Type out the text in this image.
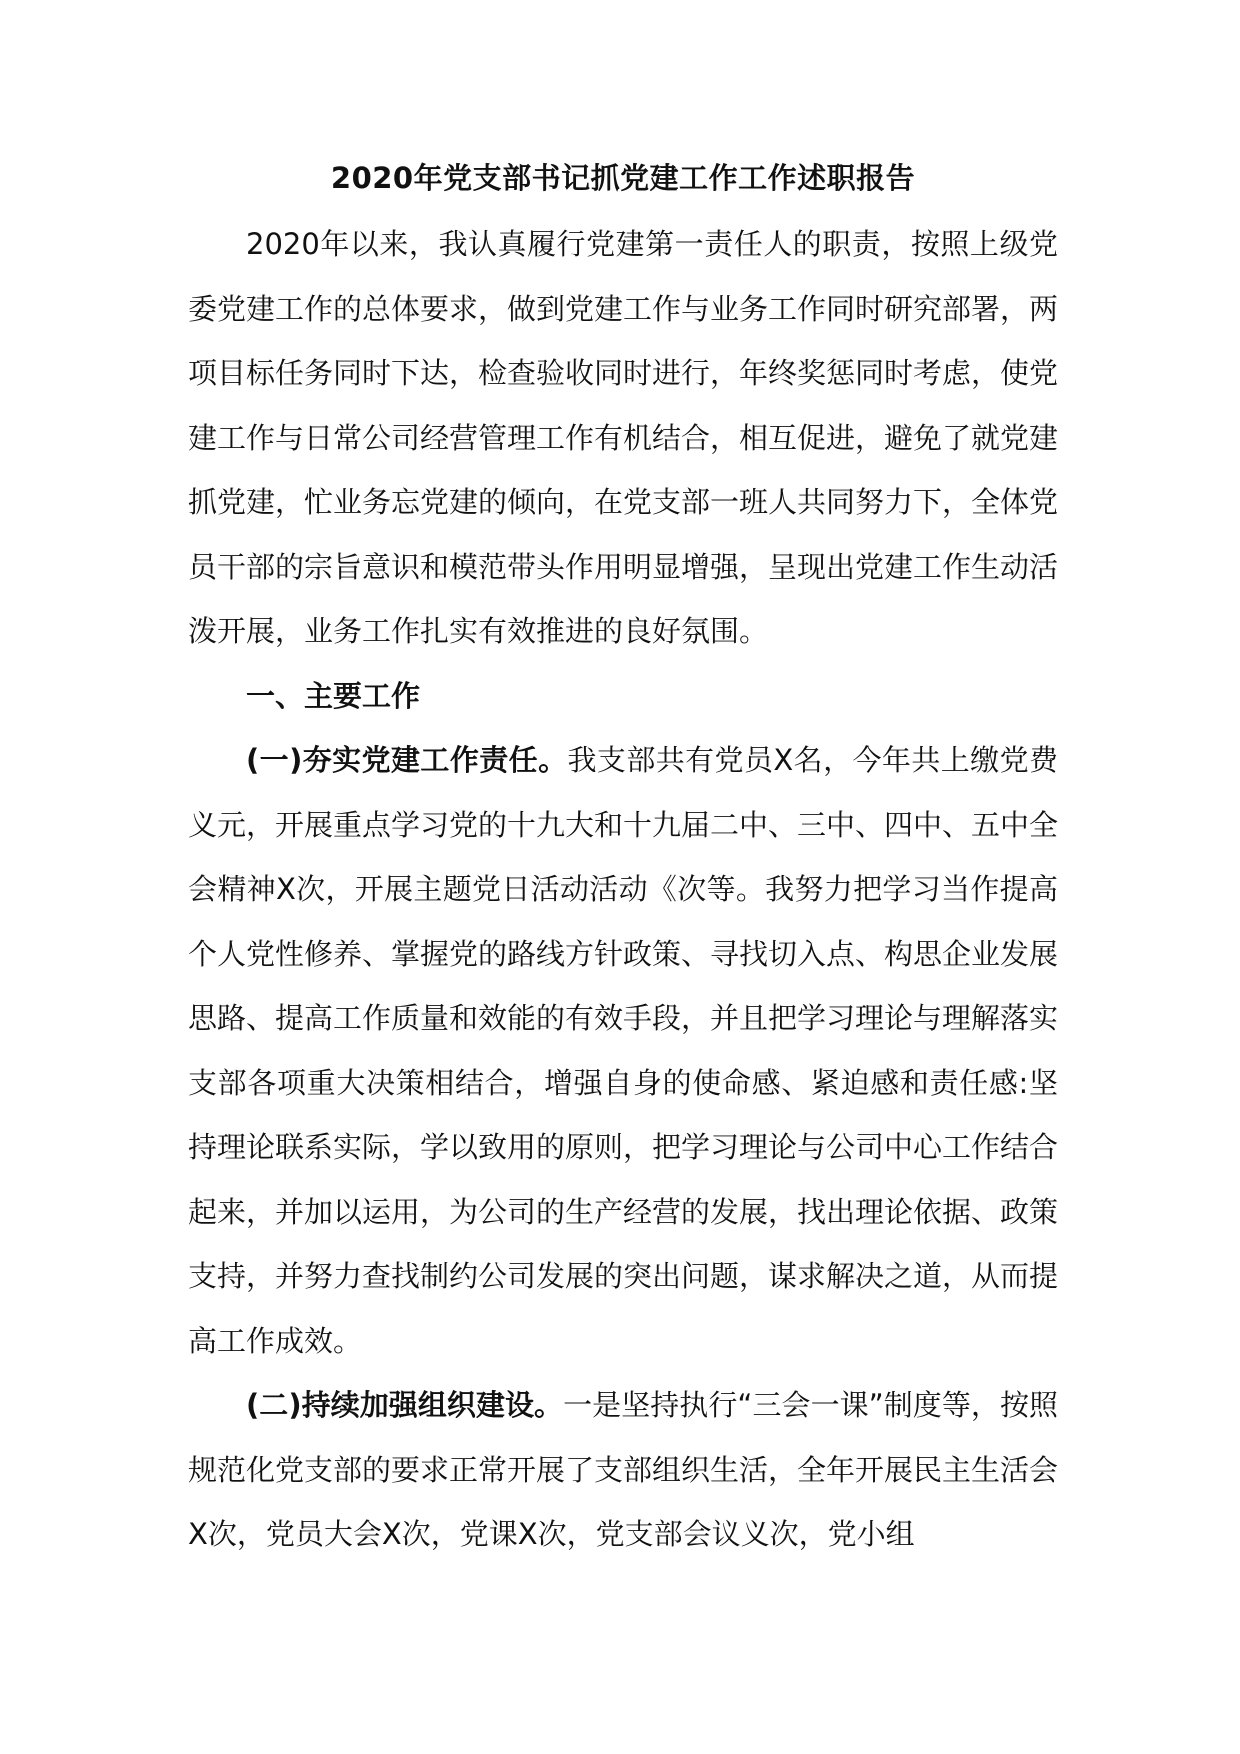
2020年党支部书记抓党建工作工作述职报告

2020年以来，我认真履行党建第一责任人的职责，按照上级党委党建工作的总体要求，做到党建工作与业务工作同时研究部署，两项目标任务同时下达，检查验收同时进行，年终奖惩同时考虑，使党建工作与日常公司经营管理工作有机结合，相互促进，避免了就党建抓党建，忙业务忘党建的倾向，在党支部一班人共同努力下，全体党员干部的宗旨意识和模范带头作用明显增强，呈现出党建工作生动活泼开展，业务工作扎实有效推进的良好氛围。

一、主要工作

(一)夯实党建工作责任。我支部共有党员X名，今年共上缴党费义元，开展重点学习党的十九大和十九届二中、三中、四中、五中全会精神X次，开展主题党日活动活动《次等。我努力把学习当作提高个人党性修养、掌握党的路线方针政策、寻找切入点、构思企业发展思路、提高工作质量和效能的有效手段，并且把学习理论与理解落实支部各项重大决策相结合，增强自身的使命感、紧迫感和责任感:坚持理论联系实际，学以致用的原则，把学习理论与公司中心工作结合起来，并加以运用，为公司的生产经营的发展，找出理论依据、政策支持，并努力查找制约公司发展的突出问题，谋求解决之道，从而提高工作成效。

(二)持续加强组织建设。一是坚持执行“三会一课”制度等，按照规范化党支部的要求正常开展了支部组织生活，全年开展民主生活会X次，党员大会X次，党课X次，党支部会议义次，党小组
